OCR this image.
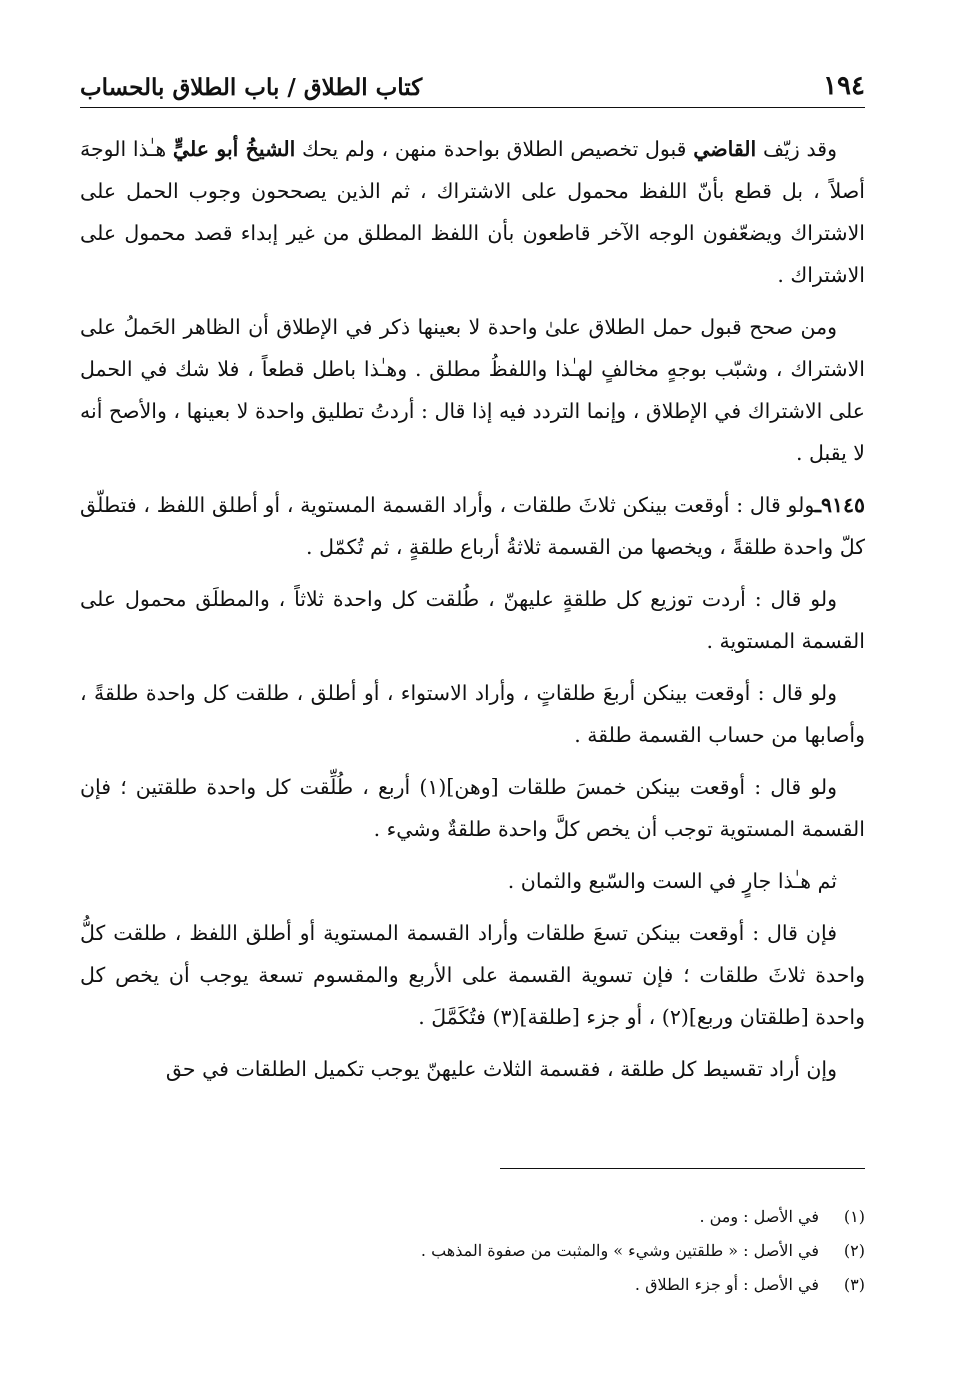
١٩٤
كتاب الطلاق / باب الطلاق بالحساب

وقد زيّف القاضي قبول تخصيص الطلاق بواحدة منهن ، ولم يحك الشيخُ أبو عليٍّ هـٰذا الوجهَ أصلاً ، بل قطع بأنّ اللفظ محمول على الاشتراك ، ثم الذين يصححون وجوب الحمل على الاشتراك ويضعّفون الوجه الآخر قاطعون بأن اللفظ المطلق من غير إبداء قصد محمول على الاشتراك .

ومن صحح قبول حمل الطلاق علىٰ واحدة لا بعينها ذكر في الإطلاق أن الظاهر الحَملُ على الاشتراك ، وشبّب بوجهٍ مخالفٍ لهـٰذا واللفظُ مطلق . وهـٰذا باطل قطعاً ، فلا شك في الحمل على الاشتراك في الإطلاق ، وإنما التردد فيه إذا قال : أردتُ تطليق واحدة لا بعينها ، والأصح أنه لا يقبل .

٩١٤٥ـولو قال : أوقعت بينكن ثلاثَ طلقات ، وأراد القسمة المستوية ، أو أطلق اللفظ ، فتطلّق كلّ واحدة طلقةً ، ويخصها من القسمة ثلاثةُ أرباع طلقةٍ ، ثم تُكمّل .

ولو قال : أردت توزيع كل طلقةٍ عليهنّ ، طُلقت كل واحدة ثلاثاً ، والمطلَق محمول على القسمة المستوية .

ولو قال : أوقعت بينكن أربعَ طلقاتٍ ، وأراد الاستواء ، أو أطلق ، طلقت كل واحدة طلقةً ، وأصابها من حساب القسمة طلقة .

ولو قال : أوقعت بينكن خمسَ طلقات [وهن](١) أربع ، طُلِّقت كل واحدة طلقتين ؛ فإن القسمة المستوية توجب أن يخص كلَّ واحدة طلقةٌ وشيء .

ثم هـٰذا جارٍ في الست والسّبع والثمان .

فإن قال : أوقعت بينكن تسعَ طلقات وأراد القسمة المستوية أو أطلق اللفظ ، طلقت كلُّ واحدة ثلاثَ طلقات ؛ فإن تسوية القسمة على الأربع والمقسوم تسعة يوجب أن يخص كل واحدة [طلقتان وربع](٢) ، أو جزء [طلقة](٣) فتُكَمَّلَ .

وإن أراد تقسيط كل طلقة ، فقسمة الثلاث عليهنّ يوجب تكميل الطلقات في حق

(١)
في الأصل : ومن .
(٢)
في الأصل : « طلقتين وشيء » والمثبت من صفوة المذهب .
(٣)
في الأصل : أو جزء الطلاق .
